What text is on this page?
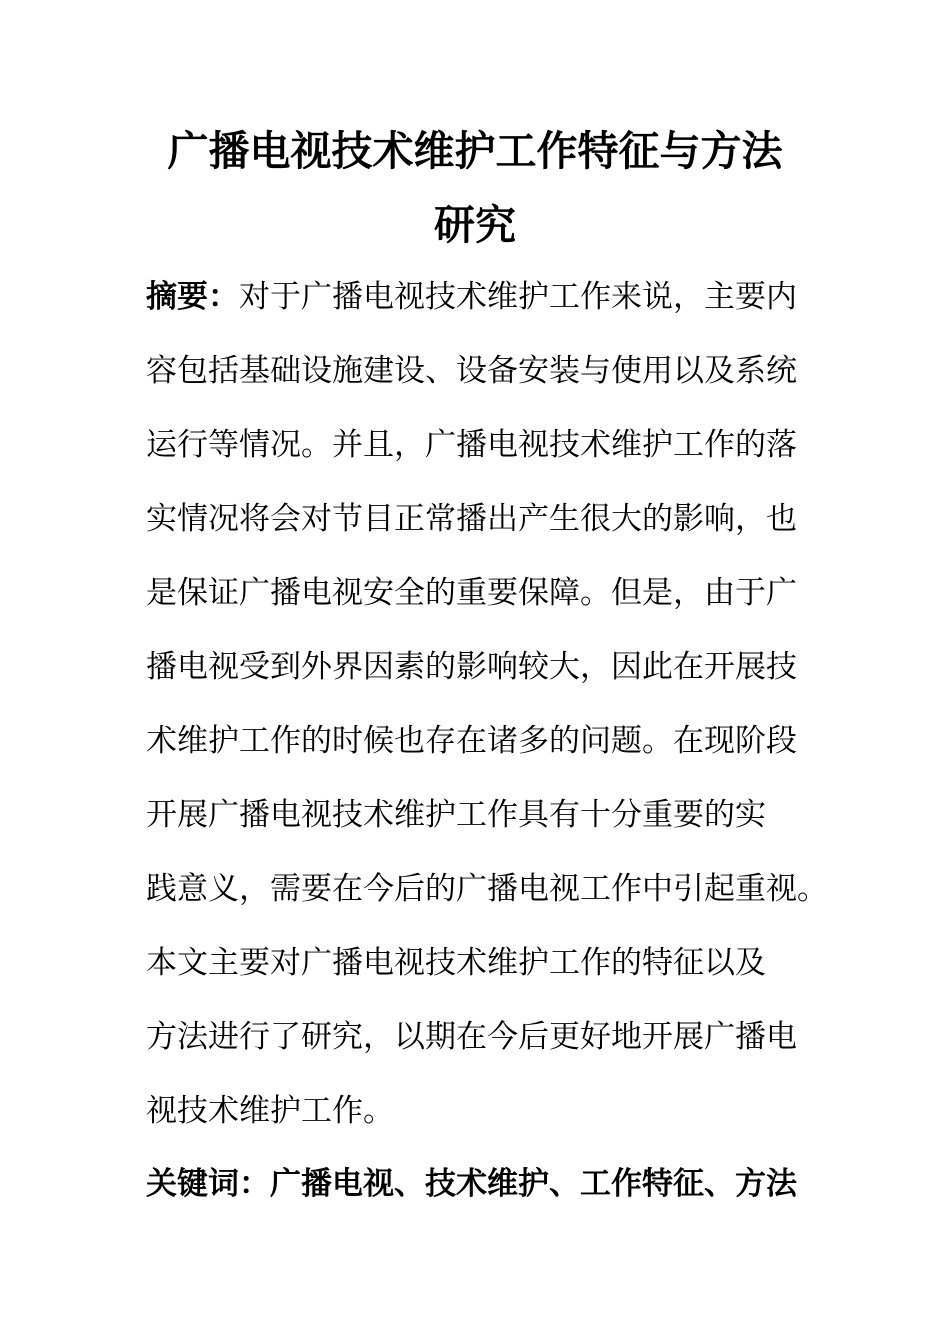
广播电视技术维护工作特征与方法
研究
摘要：对于广播电视技术维护工作来说，主要内
容包括基础设施建设、设备安装与使用以及系统
运行等情况。并且，广播电视技术维护工作的落
实情况将会对节目正常播出产生很大的影响，也
是保证广播电视安全的重要保障。但是，由于广
播电视受到外界因素的影响较大，因此在开展技
术维护工作的时候也存在诸多的问题。在现阶段
开展广播电视技术维护工作具有十分重要的实
践意义，需要在今后的广播电视工作中引起重视。
本文主要对广播电视技术维护工作的特征以及
方法进行了研究，以期在今后更好地开展广播电
视技术维护工作。
关键词：广播电视、技术维护、工作特征、方法
